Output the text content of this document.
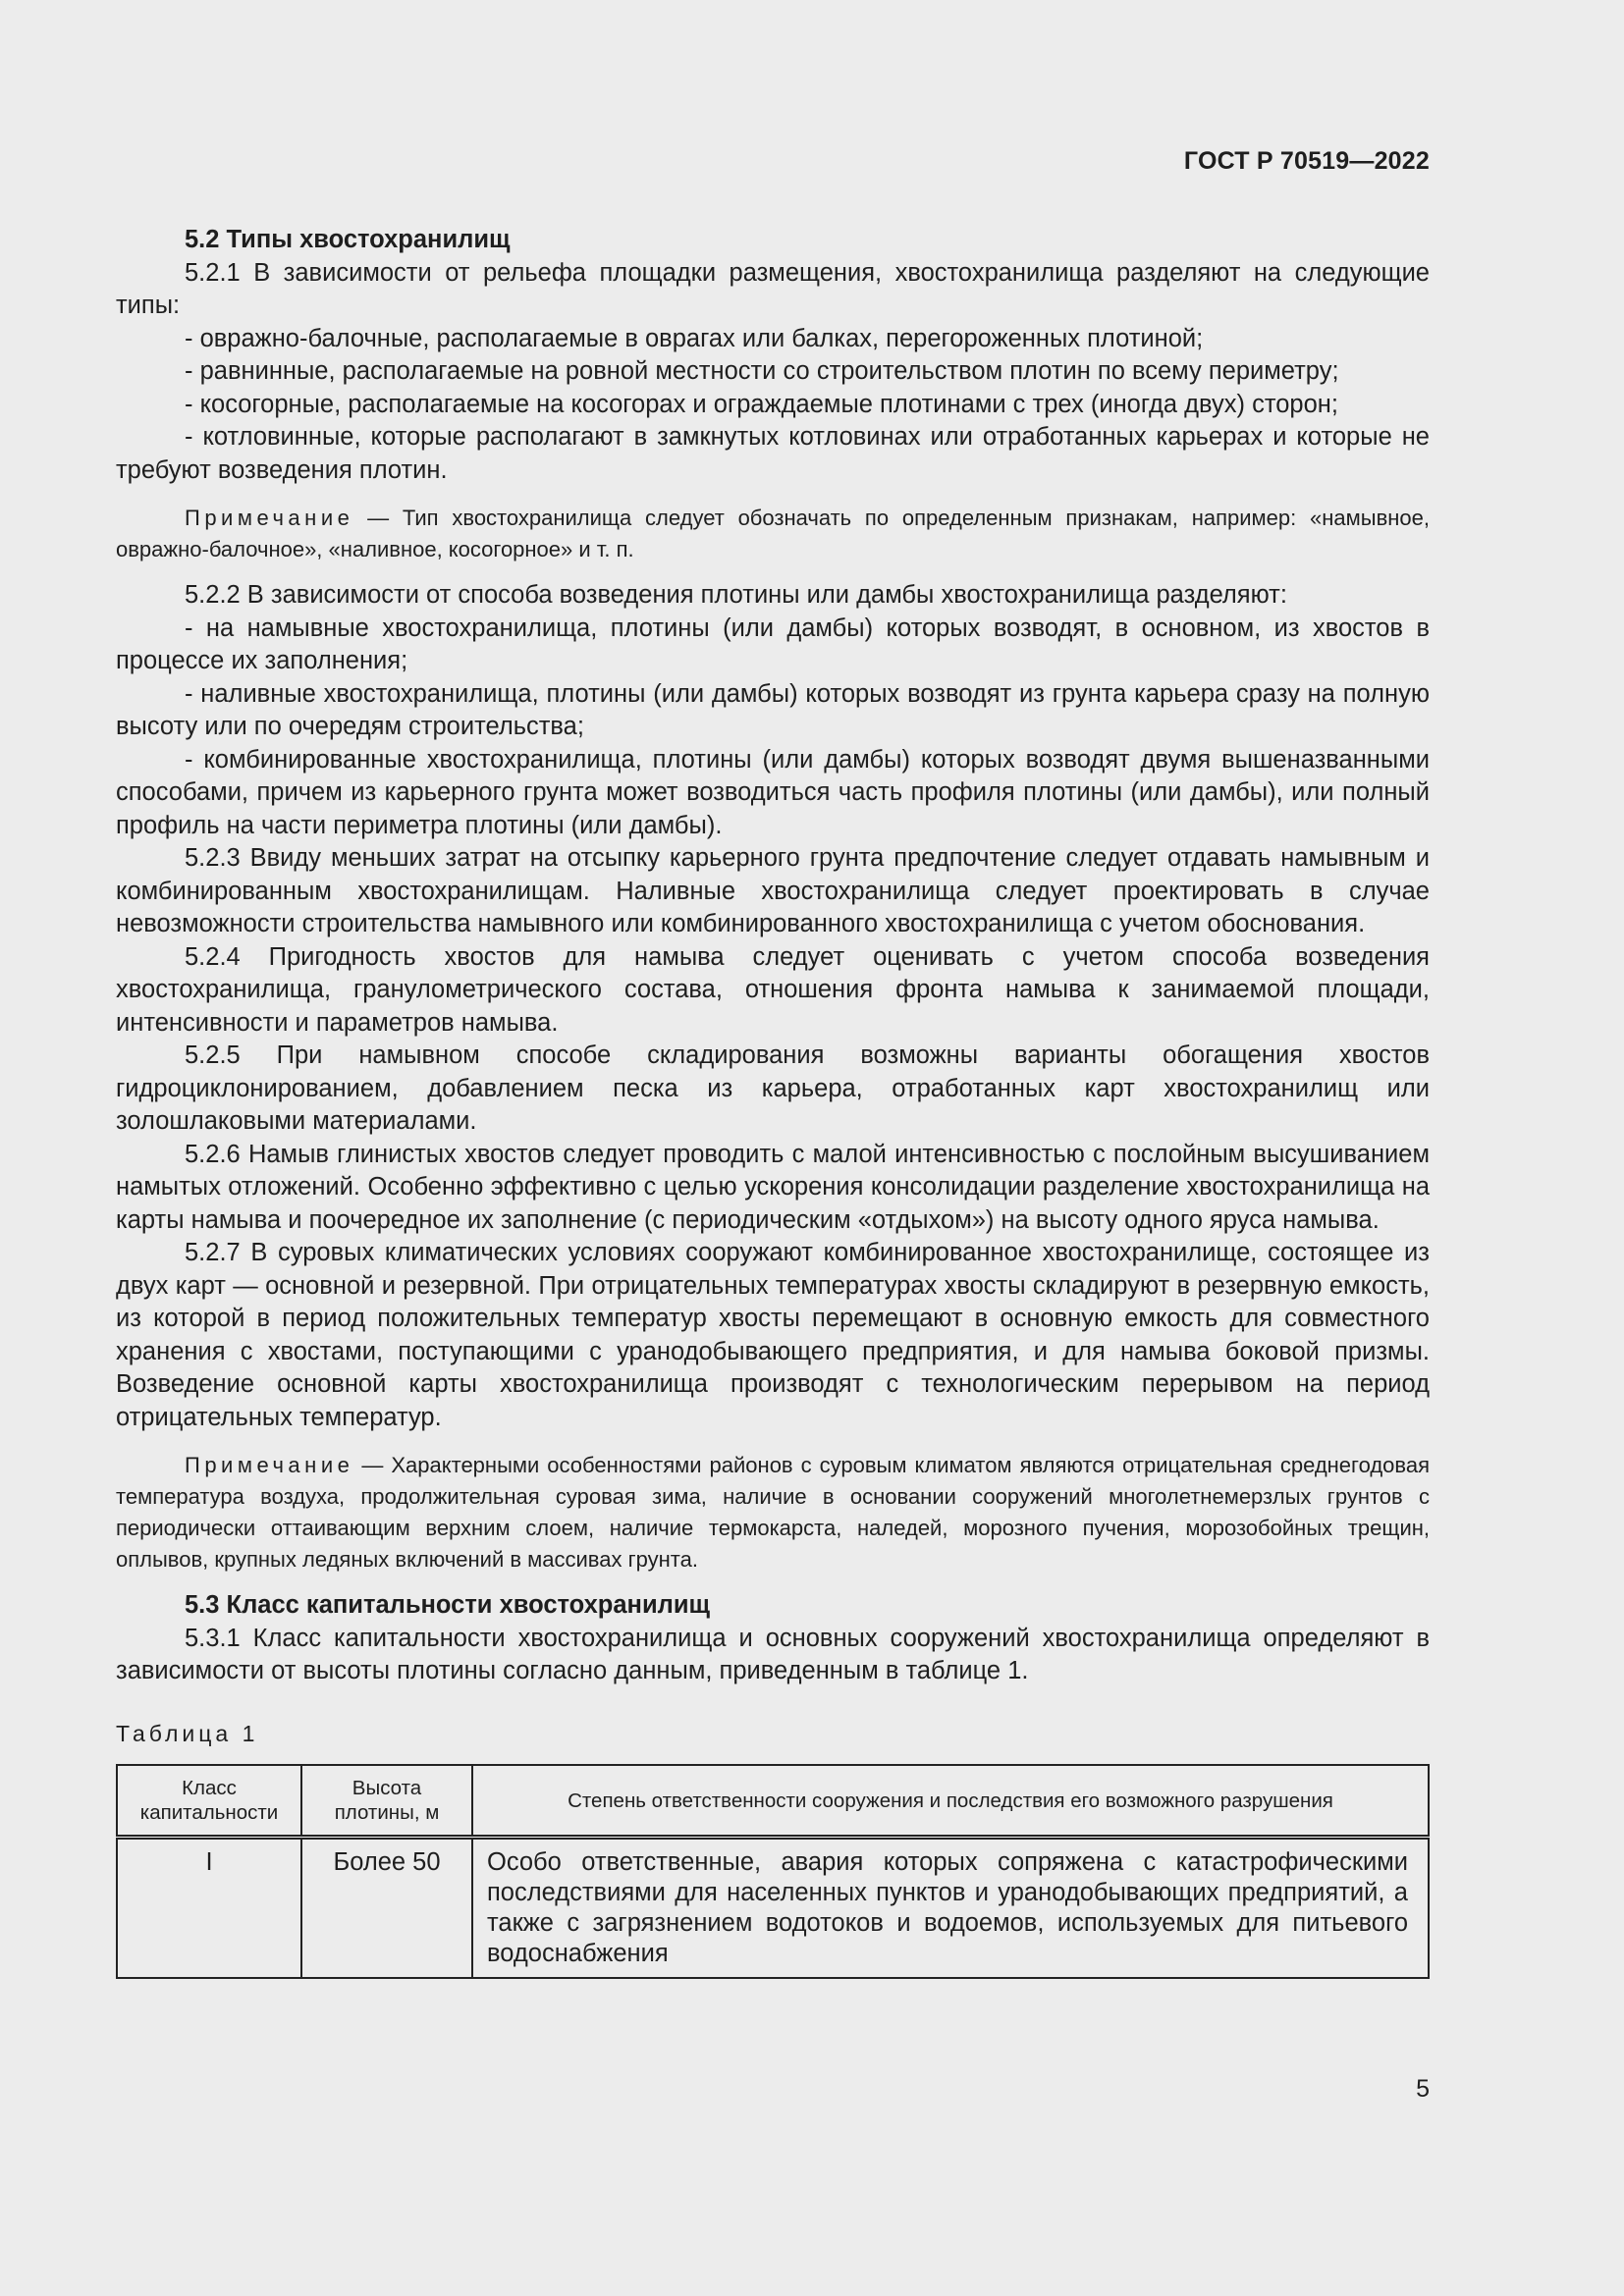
ГОСТ Р 70519—2022

5.2 Типы хвостохранилищ

5.2.1 В зависимости от рельефа площадки размещения, хвостохранилища разделяют на следующие типы:

- овражно-балочные, располагаемые в оврагах или балках, перегороженных плотиной;

- равнинные, располагаемые на ровной местности со строительством плотин по всему периметру;

- косогорные, располагаемые на косогорах и ограждаемые плотинами с трех (иногда двух) сторон;

- котловинные, которые располагают в замкнутых котловинах или отработанных карьерах и которые не требуют возведения плотин.

Примечание — Тип хвостохранилища следует обозначать по определенным признакам, например: «намывное, овражно-балочное», «наливное, косогорное» и т. п.

5.2.2 В зависимости от способа возведения плотины или дамбы хвостохранилища разделяют:

- на намывные хвостохранилища, плотины (или дамбы) которых возводят, в основном, из хвостов в процессе их заполнения;

- наливные хвостохранилища, плотины (или дамбы) которых возводят из грунта карьера сразу на полную высоту или по очередям строительства;

- комбинированные хвостохранилища, плотины (или дамбы) которых возводят двумя вышеназванными способами, причем из карьерного грунта может возводиться часть профиля плотины (или дамбы), или полный профиль на части периметра плотины (или дамбы).

5.2.3 Ввиду меньших затрат на отсыпку карьерного грунта предпочтение следует отдавать намывным и комбинированным хвостохранилищам. Наливные хвостохранилища следует проектировать в случае невозможности строительства намывного или комбинированного хвостохранилища с учетом обоснования.

5.2.4 Пригодность хвостов для намыва следует оценивать с учетом способа возведения хвостохранилища, гранулометрического состава, отношения фронта намыва к занимаемой площади, интенсивности и параметров намыва.

5.2.5 При намывном способе складирования возможны варианты обогащения хвостов гидроциклонированием, добавлением песка из карьера, отработанных карт хвостохранилищ или золошлаковыми материалами.

5.2.6 Намыв глинистых хвостов следует проводить с малой интенсивностью с послойным высушиванием намытых отложений. Особенно эффективно с целью ускорения консолидации разделение хвостохранилища на карты намыва и поочередное их заполнение (с периодическим «отдыхом») на высоту одного яруса намыва.

5.2.7 В суровых климатических условиях сооружают комбинированное хвостохранилище, состоящее из двух карт — основной и резервной. При отрицательных температурах хвосты складируют в резервную емкость, из которой в период положительных температур хвосты перемещают в основную емкость для совместного хранения с хвостами, поступающими с уранодобывающего предприятия, и для намыва боковой призмы. Возведение основной карты хвостохранилища производят с технологическим перерывом на период отрицательных температур.

Примечание — Характерными особенностями районов с суровым климатом являются отрицательная среднегодовая температура воздуха, продолжительная суровая зима, наличие в основании сооружений многолетнемерзлых грунтов с периодически оттаивающим верхним слоем, наличие термокарста, наледей, морозного пучения, морозобойных трещин, оплывов, крупных ледяных включений в массивах грунта.

5.3 Класс капитальности хвостохранилищ

5.3.1 Класс капитальности хвостохранилища и основных сооружений хвостохранилища определяют в зависимости от высоты плотины согласно данным, приведенным в таблице 1.

Таблица 1

Класс капитальности	Высота плотины, м	Степень ответственности сооружения и последствия его возможного разрушения
I	Более 50	Особо ответственные, авария которых сопряжена с катастрофическими последствиями для населенных пунктов и уранодобывающих предприятий, а также с загрязнением водотоков и водоемов, используемых для питьевого водоснабжения
5
